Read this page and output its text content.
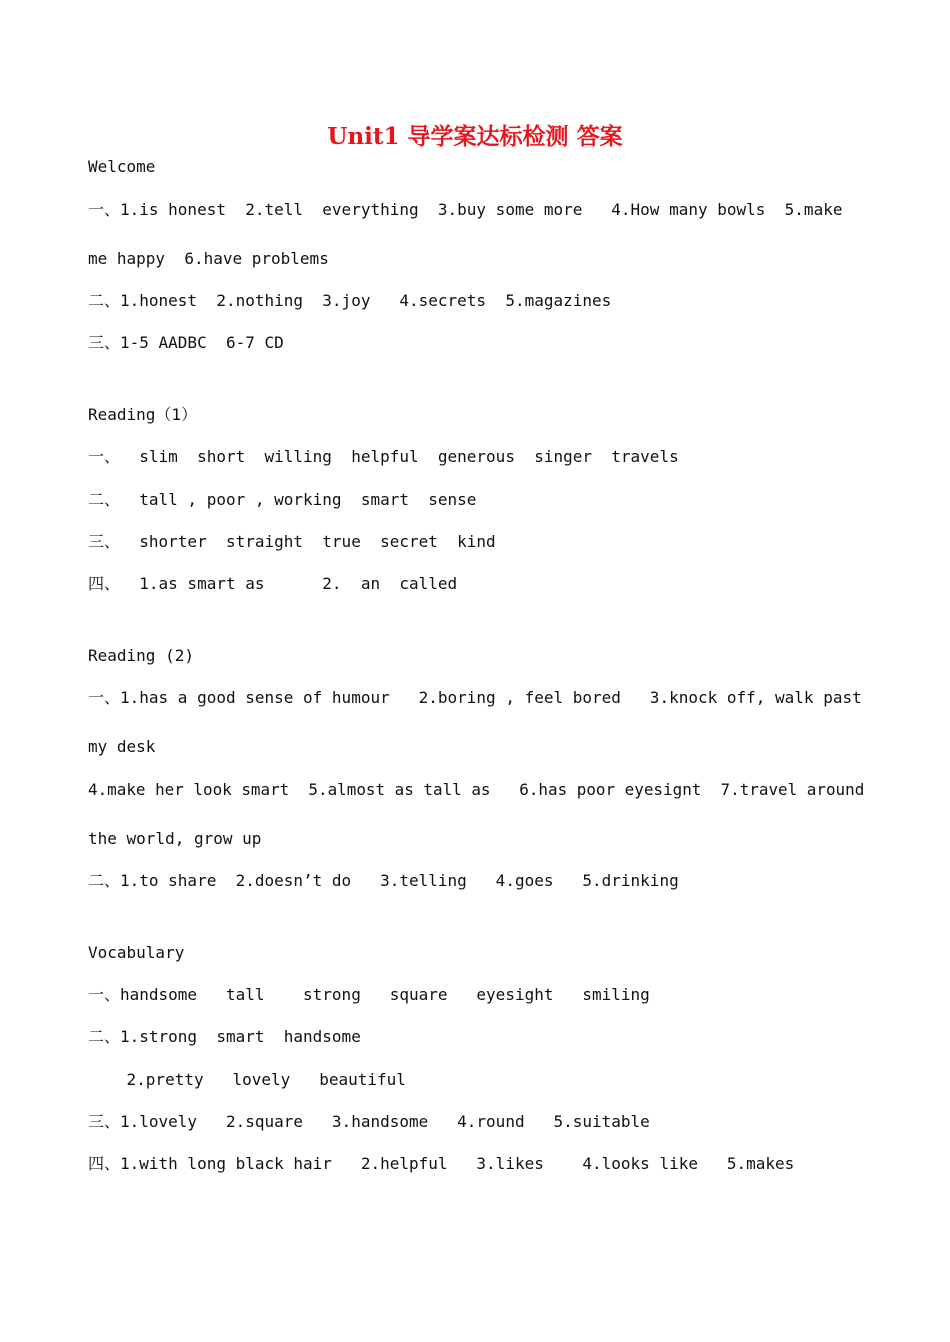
Unit1 导学案达标检测 答案
Welcome
一、1.is honest  2.tell  everything  3.buy some more   4.How many bowls  5.make
me happy  6.have problems
二、1.honest  2.nothing  3.joy   4.secrets  5.magazines
三、1-5 AADBC  6-7 CD
Reading（1）
一、  slim  short  willing  helpful  generous  singer  travels
二、  tall , poor , working  smart  sense
三、  shorter  straight  true  secret  kind
四、  1.as smart as      2.  an  called
Reading (2)
一、1.has a good sense of humour   2.boring , feel bored   3.knock off, walk past
my desk
4.make her look smart  5.almost as tall as   6.has poor eyesignt  7.travel around
the world, grow up
二、1.to share  2.doesn’t do   3.telling   4.goes   5.drinking
Vocabulary
一、handsome   tall    strong   square   eyesight   smiling
二、1.strong  smart  handsome
2.pretty   lovely   beautiful
三、1.lovely   2.square   3.handsome   4.round   5.suitable
四、1.with long black hair   2.helpful   3.likes    4.looks like   5.makes
